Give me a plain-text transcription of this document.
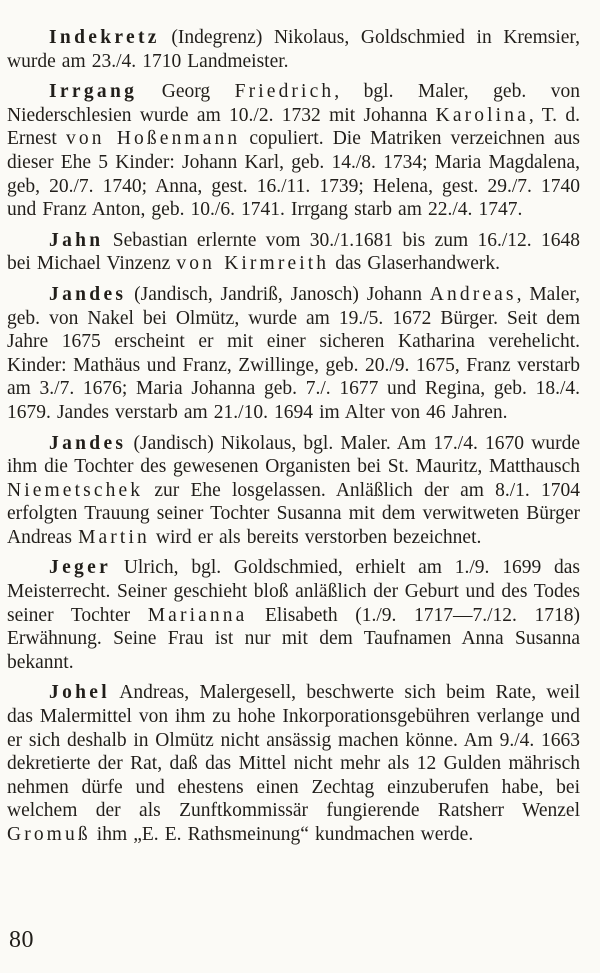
Indekretz (Indegrenz) Nikolaus, Goldschmied in Kremsier, wurde am 23./4. 1710 Landmeister.

Irrgang Georg Friedrich, bgl. Maler, geb. von Niederschlesien wurde am 10./2. 1732 mit Johanna Karolina, T. d. Ernest von Hoßenmann copuliert. Die Matriken verzeichnen aus dieser Ehe 5 Kinder: Johann Karl, geb. 14./8. 1734; Maria Magdalena, geb, 20./7. 1740; Anna, gest. 16./11. 1739; Helena, gest. 29./7. 1740 und Franz Anton, geb. 10./6. 1741. Irrgang starb am 22./4. 1747.

Jahn Sebastian erlernte vom 30./1.1681 bis zum 16./12. 1648 bei Michael Vinzenz von Kirmreith das Glaserhandwerk.

Jandes (Jandisch, Jandriß, Janosch) Johann Andreas, Maler, geb. von Nakel bei Olmütz, wurde am 19./5. 1672 Bürger. Seit dem Jahre 1675 erscheint er mit einer sicheren Katharina verehelicht. Kinder: Mathäus und Franz, Zwillinge, geb. 20./9. 1675, Franz verstarb am 3./7. 1676; Maria Johanna geb. 7./. 1677 und Regina, geb. 18./4. 1679. Jandes verstarb am 21./10. 1694 im Alter von 46 Jahren.

Jandes (Jandisch) Nikolaus, bgl. Maler. Am 17./4. 1670 wurde ihm die Tochter des gewesenen Organisten bei St. Mauritz, Matthausch Niemetschek zur Ehe losgelassen. Anläßlich der am 8./1. 1704 erfolgten Trauung seiner Tochter Susanna mit dem verwitweten Bürger Andreas Martin wird er als bereits verstorben bezeichnet.

Jeger Ulrich, bgl. Goldschmied, erhielt am 1./9. 1699 das Meisterrecht. Seiner geschieht bloß anläßlich der Geburt und des Todes seiner Tochter Marianna Elisabeth (1./9. 1717—7./12. 1718) Erwähnung. Seine Frau ist nur mit dem Taufnamen Anna Susanna bekannt.

Johel Andreas, Malergesell, beschwerte sich beim Rate, weil das Malermittel von ihm zu hohe Inkorporationsgebühren verlange und er sich deshalb in Olmütz nicht ansässig machen könne. Am 9./4. 1663 dekretierte der Rat, daß das Mittel nicht mehr als 12 Gulden mährisch nehmen dürfe und ehestens einen Zechtag einzuberufen habe, bei welchem der als Zunftkommissär fungierende Ratsherr Wenzel Gromuß ihm „E. E. Rathsmeinung“ kundmachen werde.

80
